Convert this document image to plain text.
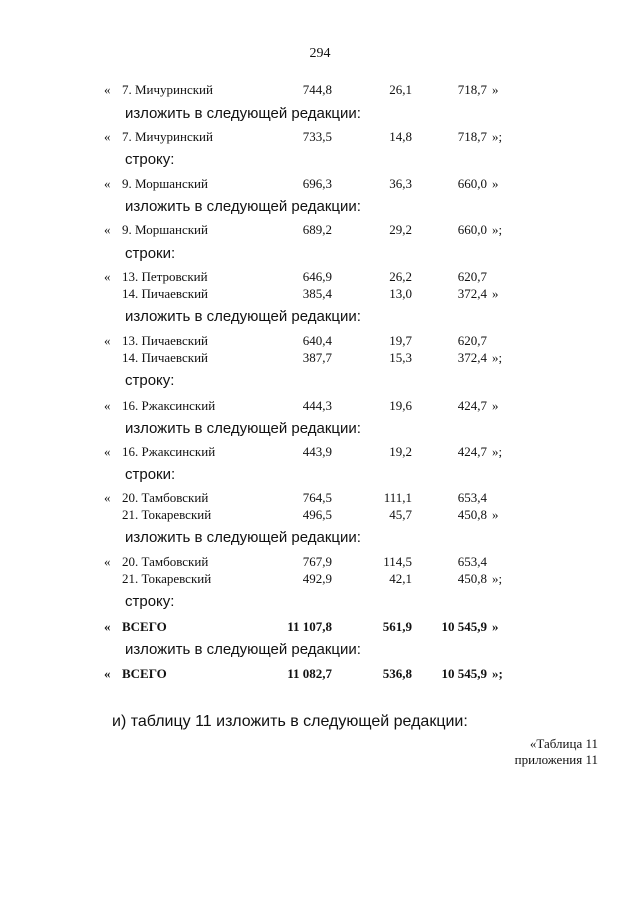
294
« 7. Мичуринский	744,8	26,1	718,7 »
изложить в следующей редакции:
« 7. Мичуринский	733,5	14,8	718,7 »;
строку:
« 9. Моршанский	696,3	36,3	660,0 »
изложить в следующей редакции:
« 9. Моршанский	689,2	29,2	660,0 »;
строки:
« 13. Петровский	646,9	26,2	620,7
14. Пичаевский	385,4	13,0	372,4 »
изложить в следующей редакции:
« 13. Пичаевский	640,4	19,7	620,7
14. Пичаевский	387,7	15,3	372,4 »;
строку:
« 16. Ржаксинский	444,3	19,6	424,7 »
изложить в следующей редакции:
« 16. Ржаксинский	443,9	19,2	424,7 »;
строки:
« 20. Тамбовский	764,5	111,1	653,4
21. Токаревский	496,5	45,7	450,8 »
изложить в следующей редакции:
« 20. Тамбовский	767,9	114,5	653,4
21. Токаревский	492,9	42,1	450,8 »;
строку:
« ВСЕГО	11 107,8	561,9	10 545,9 »
изложить в следующей редакции:
« ВСЕГО	11 082,7	536,8	10 545,9 »;
и) таблицу 11 изложить в следующей редакции:
«Таблица 11
приложения 11
